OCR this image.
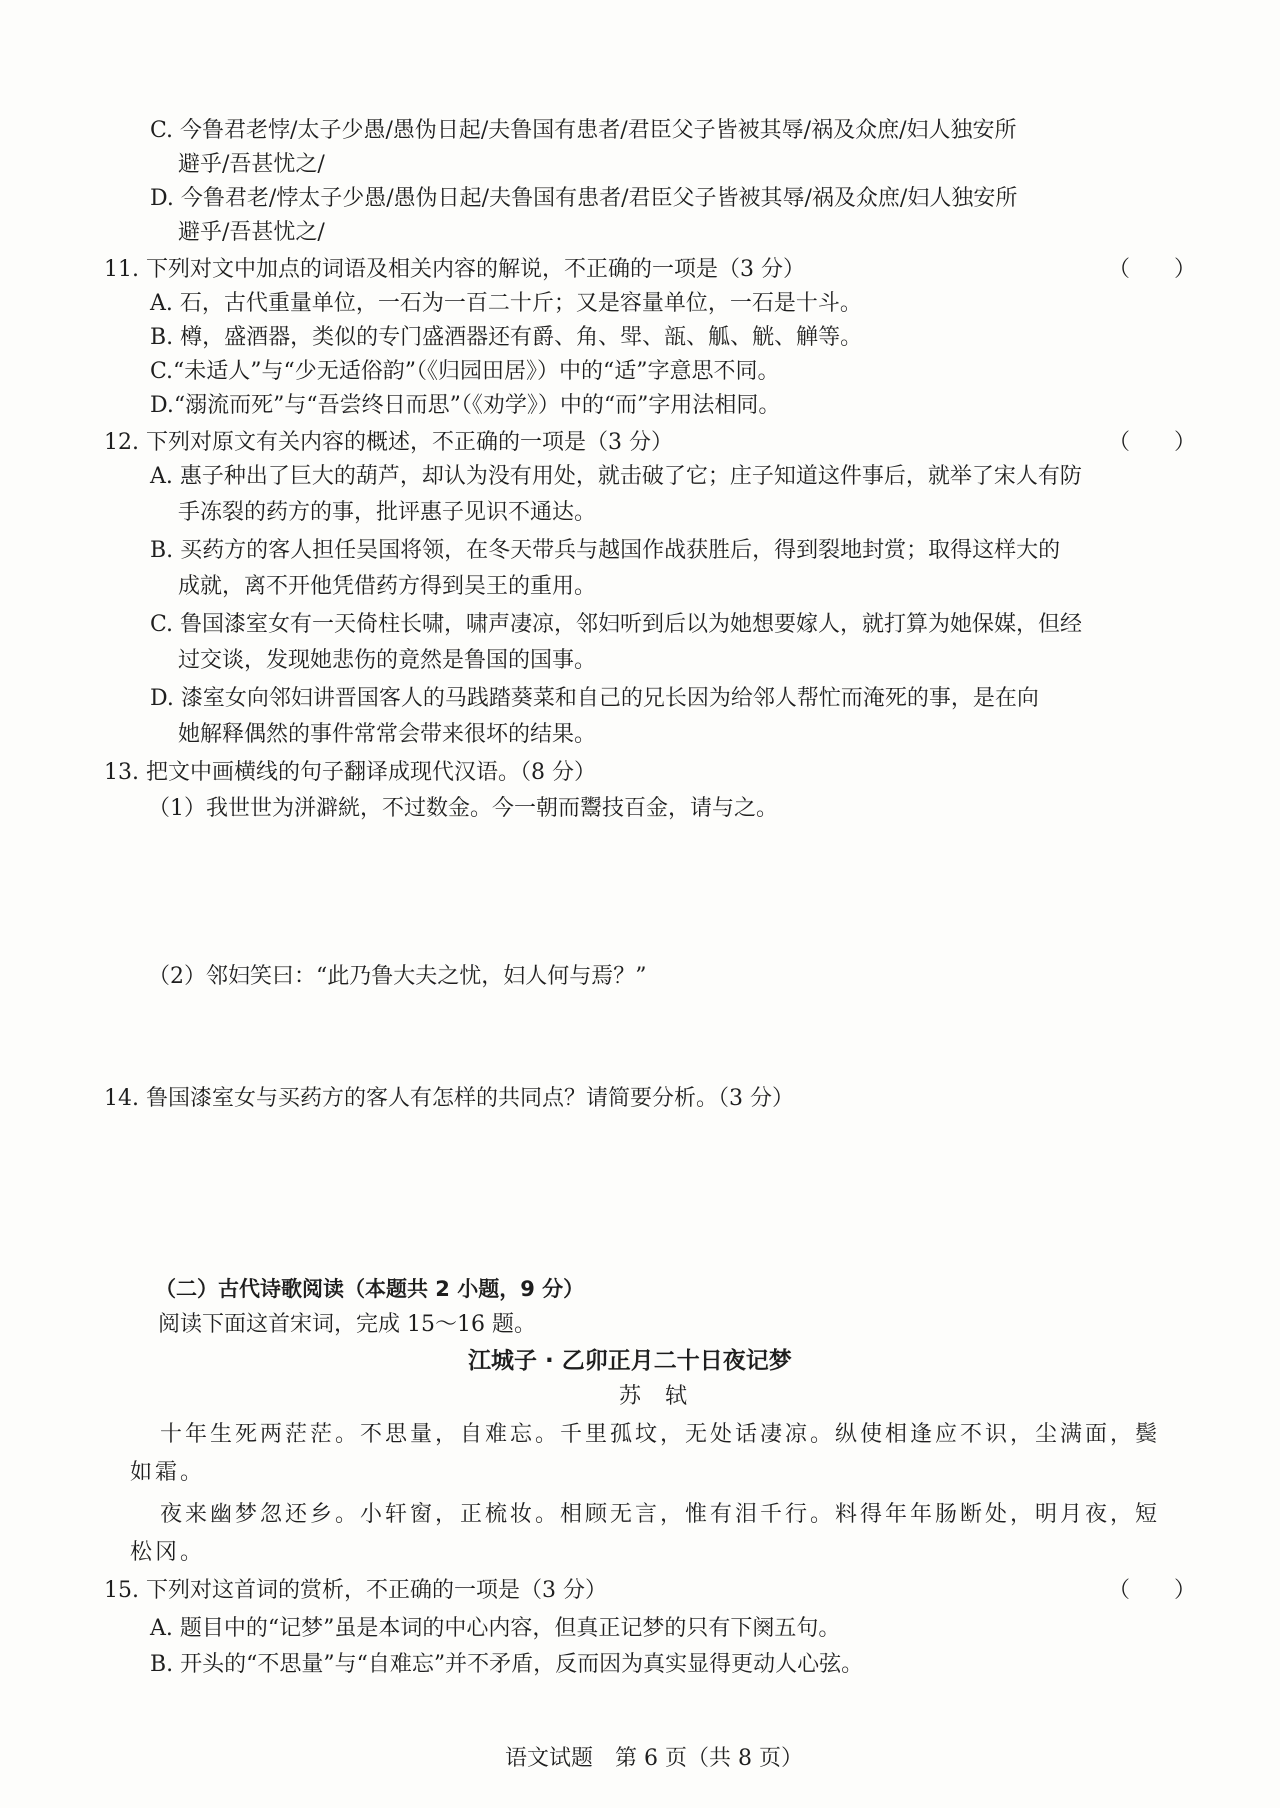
C. 今鲁君老悖/太子少愚/愚伪日起/夫鲁国有患者/君臣父子皆被其辱/祸及众庶/妇人独安所
避乎/吾甚忧之/
D. 今鲁君老/悖太子少愚/愚伪日起/夫鲁国有患者/君臣父子皆被其辱/祸及众庶/妇人独安所
避乎/吾甚忧之/
11. 下列对文中加点的词语及相关内容的解说，不正确的一项是（3 分）	（　　）
A. 石，古代重量单位，一石为一百二十斤；又是容量单位，一石是十斗。
B. 樽，盛酒器，类似的专门盛酒器还有爵、角、斝、瓿、觚、觥、觯等。
C.“未适人”与“少无适俗韵”（《归园田居》）中的“适”字意思不同。
D.“溺流而死”与“吾尝终日而思”（《劝学》）中的“而”字用法相同。
12. 下列对原文有关内容的概述，不正确的一项是（3 分）	（　　）
A. 惠子种出了巨大的葫芦，却认为没有用处，就击破了它；庄子知道这件事后，就举了宋人有防
手冻裂的药方的事，批评惠子见识不通达。
B. 买药方的客人担任吴国将领，在冬天带兵与越国作战获胜后，得到裂地封赏；取得这样大的
成就，离不开他凭借药方得到吴王的重用。
C. 鲁国漆室女有一天倚柱长啸，啸声凄凉，邻妇听到后以为她想要嫁人，就打算为她保媒，但经
过交谈，发现她悲伤的竟然是鲁国的国事。
D. 漆室女向邻妇讲晋国客人的马践踏葵菜和自己的兄长因为给邻人帮忙而淹死的事，是在向
她解释偶然的事件常常会带来很坏的结果。
13. 把文中画横线的句子翻译成现代汉语。（8 分）
（1）我世世为洴澼絖，不过数金。今一朝而鬻技百金，请与之。
（2）邻妇笑曰：“此乃鲁大夫之忧，妇人何与焉？”
14. 鲁国漆室女与买药方的客人有怎样的共同点？请简要分析。（3 分）
（二）古代诗歌阅读（本题共 2 小题，9 分）
阅读下面这首宋词，完成 15～16 题。
江城子 · 乙卯正月二十日夜记梦
苏轼
十年生死两茫茫。不思量，自难忘。千里孤坟，无处话凄凉。纵使相逢应不识，尘满面，鬓
如霜。
夜来幽梦忽还乡。小轩窗，正梳妆。相顾无言，惟有泪千行。料得年年肠断处，明月夜，短
松冈。
15. 下列对这首词的赏析，不正确的一项是（3 分）	（　　）
A. 题目中的“记梦”虽是本词的中心内容，但真正记梦的只有下阕五句。
B. 开头的“不思量”与“自难忘”并不矛盾，反而因为真实显得更动人心弦。
语文试题　第 6 页（共 8 页）
